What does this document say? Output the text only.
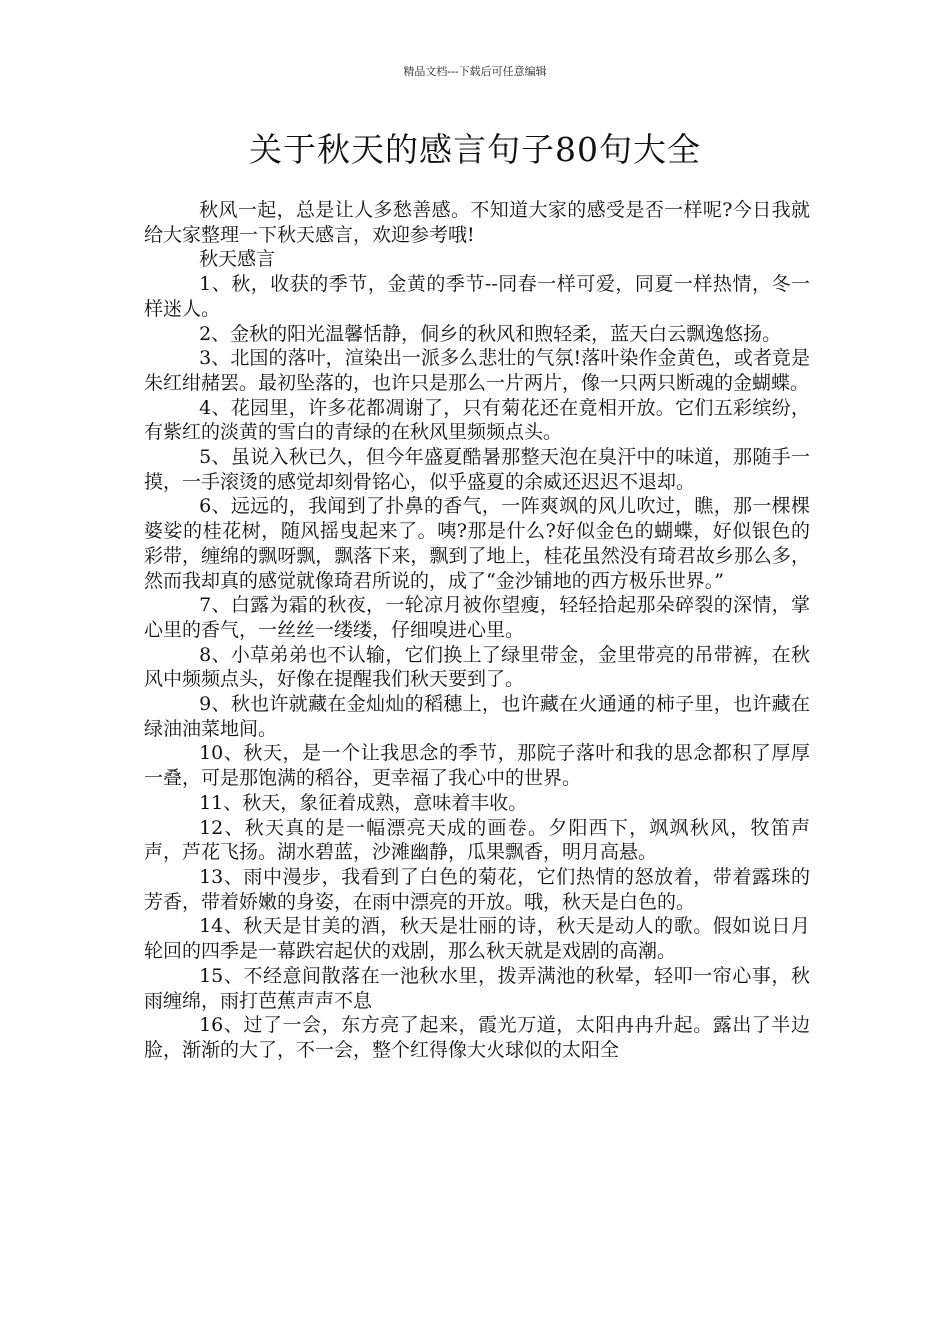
精品文档---下载后可任意编辑
关于秋天的感言句子80句大全

秋风一起，总是让人多愁善感。不知道大家的感受是否一样呢?今日我就给大家整理一下秋天感言，欢迎参考哦!

秋天感言

1、秋，收获的季节，金黄的季节--同春一样可爱，同夏一样热情，冬一样迷人。

2、金秋的阳光温馨恬静，侗乡的秋风和煦轻柔，蓝天白云飘逸悠扬。

3、北国的落叶，渲染出一派多么悲壮的气氛!落叶染作金黄色，或者竟是朱红绀赭罢。最初坠落的，也许只是那么一片两片，像一只两只断魂的金蝴蝶。

4、花园里，许多花都凋谢了，只有菊花还在竟相开放。它们五彩缤纷，有紫红的淡黄的雪白的青绿的在秋风里频频点头。

5、虽说入秋已久，但今年盛夏酷暑那整天泡在臭汗中的味道，那随手一摸，一手滚烫的感觉却刻骨铭心，似乎盛夏的余威还迟迟不退却。

6、远远的，我闻到了扑鼻的香气，一阵爽飒的风儿吹过，瞧，那一棵棵婆娑的桂花树，随风摇曳起来了。咦?那是什么?好似金色的蝴蝶，好似银色的彩带，缠绵的飘呀飘，飘落下来，飘到了地上，桂花虽然没有琦君故乡那么多，然而我却真的感觉就像琦君所说的，成了“金沙铺地的西方极乐世界。”

7、白露为霜的秋夜，一轮凉月被你望瘦，轻轻拾起那朵碎裂的深情，掌心里的香气，一丝丝一缕缕，仔细嗅进心里。

8、小草弟弟也不认输，它们换上了绿里带金，金里带亮的吊带裤，在秋风中频频点头，好像在提醒我们秋天要到了。

9、秋也许就藏在金灿灿的稻穗上，也许藏在火通通的柿子里，也许藏在绿油油菜地间。

10、秋天，是一个让我思念的季节，那院子落叶和我的思念都积了厚厚一叠，可是那饱满的稻谷，更幸福了我心中的世界。

11、秋天，象征着成熟，意味着丰收。

12、秋天真的是一幅漂亮天成的画卷。夕阳西下，飒飒秋风，牧笛声声，芦花飞扬。湖水碧蓝，沙滩幽静，瓜果飘香，明月高悬。

13、雨中漫步，我看到了白色的菊花，它们热情的怒放着，带着露珠的芳香，带着娇嫩的身姿，在雨中漂亮的开放。哦，秋天是白色的。

14、秋天是甘美的酒，秋天是壮丽的诗，秋天是动人的歌。假如说日月轮回的四季是一幕跌宕起伏的戏剧，那么秋天就是戏剧的高潮。

15、不经意间散落在一池秋水里，拨弄满池的秋晕，轻叩一帘心事，秋雨缠绵，雨打芭蕉声声不息

16、过了一会，东方亮了起来，霞光万道，太阳冉冉升起。露出了半边脸，渐渐的大了，不一会，整个红得像大火球似的太阳全
